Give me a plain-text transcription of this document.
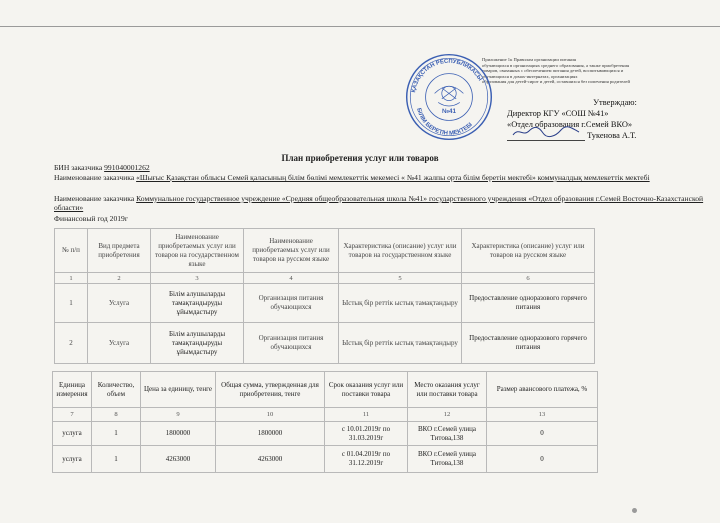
Приложение 1к Правилам организации питания
обучающихся в организациях среднего образования, а также приобретения
товаров, связанных с обеспечением питания детей, воспитывающихся и
обучающихся в домах-интернатах, организациях
образования для детей-сирот и детей, оставшихся без попечения родителей
ҚАЗАҚСТАН РЕСПУБЛИКАСЫ
БІЛІМ БЕРЕТІН МЕКТЕБІ
№41
Утверждаю:
Директор КГУ «СОШ №41»
«Отдел образования г.Семей ВКО»
Тукенова А.Т.
План приобретения услуг или товаров
БИН заказчика 991040001262
Наименование заказчика «Шығыс Қазақстан облысы Семей қаласының білім бөлімі мемлекеттік мекемесі « №41 жалпы орта білім беретін мектебі» коммуналдық мемлекеттік мектебі
Наименование заказчика Коммунальное государственное учреждение «Средняя общеобразовательная школа №41» государственного учреждения «Отдел образования г.Семей Восточно-Казахстанской области»
Финансовый год 2019г
№ п/п	Вид предмета приобретения	Наименование приобретаемых услуг или товаров на государственном языке	Наименование приобретаемых услуг или товаров на русском языке	Характеристика (описание) услуг или товаров на государственном языке	Характеристика (описание) услуг или товаров на русском языке
1	2	3	4	5	6
1	Услуга	Білім алушыларды тамақтандыруды ұйымдастыру	Организация питания обучающихся	Ыстық бір реттік ыстық тамақтандыру	Предоставление одноразового горячего питания
2	Услуга	Білім алушыларды тамақтандыруды ұйымдастыру	Организация питания обучающихся	Ыстық бір реттік ыстық тамақтандыру	Предоставление одноразового горячего питания
Единица измерения	Количество, объем	Цена за единицу, тенге	Общая сумма, утвержденная для приобретения, тенге	Срок оказания услуг или поставки товара	Место оказания услуг или поставки товара	Размер авансового платежа, %
7	8	9	10	11	12	13
услуга	1	1800000	1800000	с 10.01.2019г по 31.03.2019г	ВКО г.Семей улица Титова,138	0
услуга	1	4263000	4263000	с 01.04.2019г по 31.12.2019г	ВКО г.Семей улица Титова,138	0
